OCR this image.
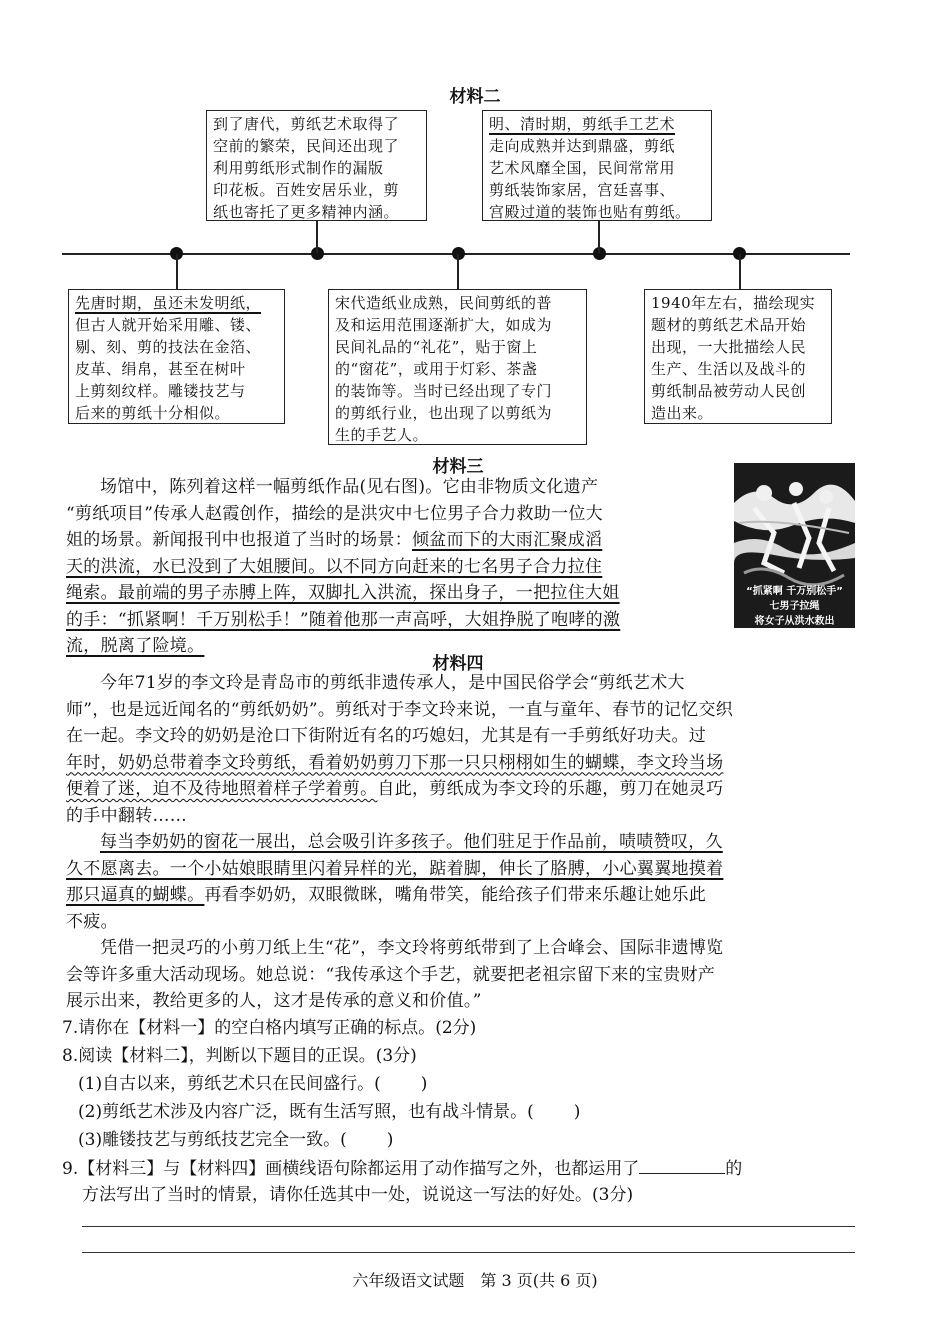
材料二
到了唐代，剪纸艺术取得了
空前的繁荣，民间还出现了
利用剪纸形式制作的漏版
印花板。百姓安居乐业，剪
纸也寄托了更多精神内涵。
明、清时期，剪纸手工艺术
走向成熟并达到鼎盛，剪纸
艺术风靡全国，民间常常用
剪纸装饰家居，宫廷喜事、
宫殿过道的装饰也贴有剪纸。
先唐时期，虽还未发明纸，
但古人就开始采用雕、镂、
剔、刻、剪的技法在金箔、
皮革、绢帛，甚至在树叶
上剪刻纹样。雕镂技艺与
后来的剪纸十分相似。
宋代造纸业成熟，民间剪纸的普
及和运用范围逐渐扩大，如成为
民间礼品的“礼花”，贴于窗上
的“窗花”，或用于灯彩、茶盏
的装饰等。当时已经出现了专门
的剪纸行业，也出现了以剪纸为
生的手艺人。
1940年左右，描绘现实
题材的剪纸艺术品开始
出现，一大批描绘人民
生产、生活以及战斗的
剪纸制品被劳动人民创
造出来。
材料三
场馆中，陈列着这样一幅剪纸作品(见右图)。它由非物质文化遗产
“剪纸项目”传承人赵霞创作，描绘的是洪灾中七位男子合力救助一位大
姐的场景。新闻报刊中也报道了当时的场景：倾盆而下的大雨汇聚成滔
天的洪流，水已没到了大姐腰间。以不同方向赶来的七名男子合力拉住
绳索。最前端的男子赤膊上阵，双脚扎入洪流，探出身子，一把拉住大姐
的手：“抓紧啊！千万别松手！”随着他那一声高呼，大姐挣脱了咆哮的激
流，脱离了险境。
“抓紧啊 千万别松手”
七男子拉绳
将女子从洪水救出
材料四
今年71岁的李文玲是青岛市的剪纸非遗传承人，是中国民俗学会“剪纸艺术大
师”，也是远近闻名的“剪纸奶奶”。剪纸对于李文玲来说，一直与童年、春节的记忆交织
在一起。李文玲的奶奶是沧口下街附近有名的巧媳妇，尤其是有一手剪纸好功夫。过
年时，奶奶总带着李文玲剪纸，看着奶奶剪刀下那一只只栩栩如生的蝴蝶，李文玲当场
便着了迷，迫不及待地照着样子学着剪。自此，剪纸成为李文玲的乐趣，剪刀在她灵巧
的手中翻转……
每当李奶奶的窗花一展出，总会吸引许多孩子。他们驻足于作品前，啧啧赞叹，久
久不愿离去。一个小姑娘眼睛里闪着异样的光，踮着脚，伸长了胳膊，小心翼翼地摸着
那只逼真的蝴蝶。再看李奶奶，双眼微眯，嘴角带笑，能给孩子们带来乐趣让她乐此
不疲。
凭借一把灵巧的小剪刀纸上生“花”，李文玲将剪纸带到了上合峰会、国际非遗博览
会等许多重大活动现场。她总说：“我传承这个手艺，就要把老祖宗留下来的宝贵财产
展示出来，教给更多的人，这才是传承的意义和价值。”
7.请你在【材料一】的空白格内填写正确的标点。(2分)
8.阅读【材料二】，判断以下题目的正误。(3分)
(1)自古以来，剪纸艺术只在民间盛行。( )
(2)剪纸艺术涉及内容广泛，既有生活写照，也有战斗情景。( )
(3)雕镂技艺与剪纸技艺完全一致。( )
9.【材料三】与【材料四】画横线语句除都运用了动作描写之外，也都运用了	的
方法写出了当时的情景，请你任选其中一处，说说这一写法的好处。(3分)
六年级语文试题　第 3 页(共 6 页)
